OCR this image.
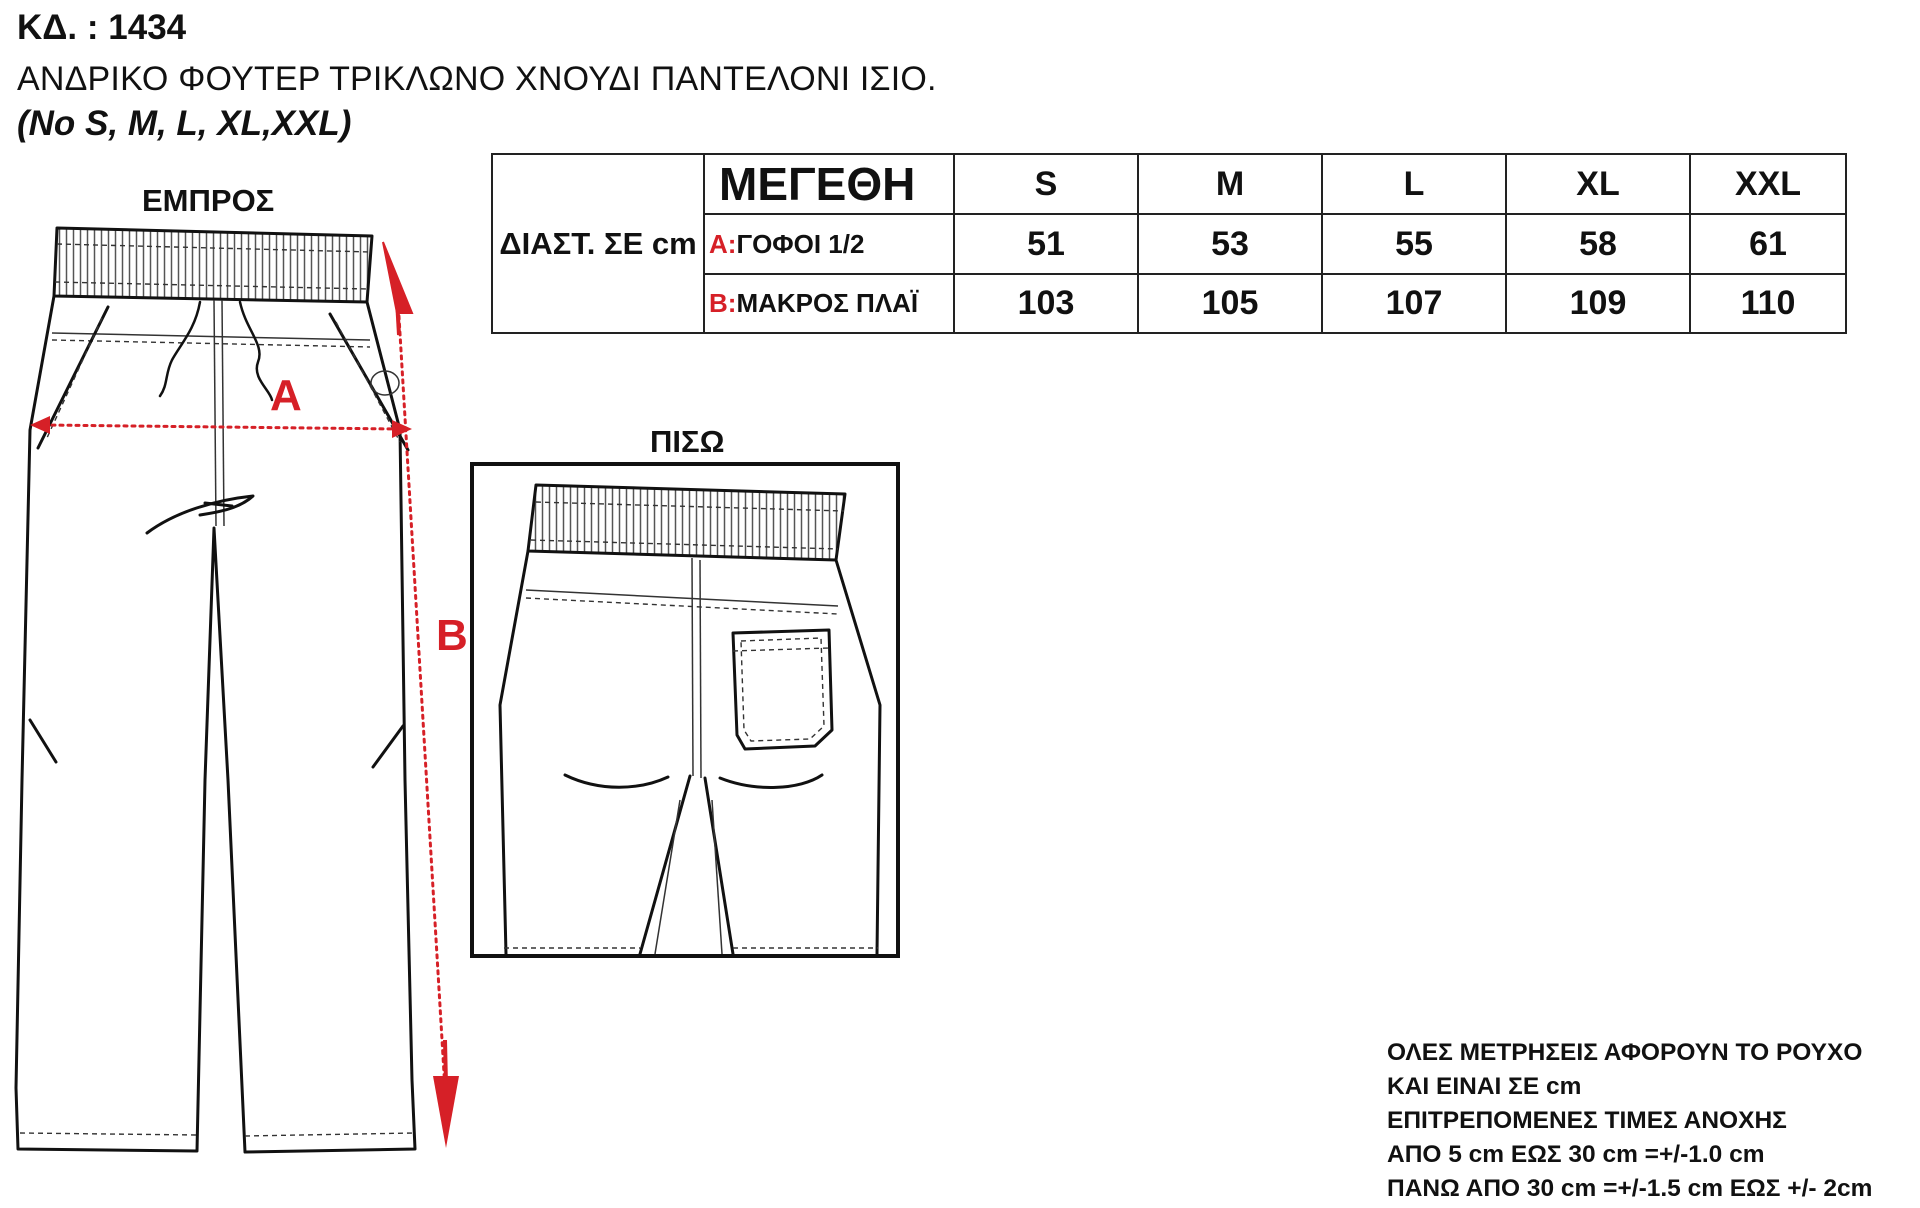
ΚΔ. : 1434
ΑΝΔΡΙΚΟ ΦΟΥΤΕΡ ΤΡΙΚΛΩΝΟ ΧΝΟΥΔΙ ΠΑΝΤΕΛΟΝΙ ΙΣΙΟ.
(No S, M, L, XL,XXL)
ΕΜΠΡΟΣ
ΠΙΣΩ
ΔΙΑΣΤ. ΣΕ cm
ΜΕΓΕΘΗ	S	M	L	XL	XXL
A: ΓΟΦΟΙ 1/2	51	53	55	58	61
B: ΜΑΚΡΟΣ ΠΛΑΪ	103	105	107	109	110
A
B
ΟΛΕΣ ΜΕΤΡΗΣΕΙΣ ΑΦΟΡΟΥΝ ΤΟ ΡΟΥΧΟ
ΚΑΙ ΕΙΝΑΙ ΣΕ cm
ΕΠΙΤΡΕΠΟΜΕΝΕΣ ΤΙΜΕΣ ΑΝΟΧΗΣ
ΑΠΟ 5 cm ΕΩΣ 30 cm =+/-1.0 cm
ΠΑΝΩ ΑΠΟ 30 cm =+/-1.5 cm ΕΩΣ +/- 2cm
